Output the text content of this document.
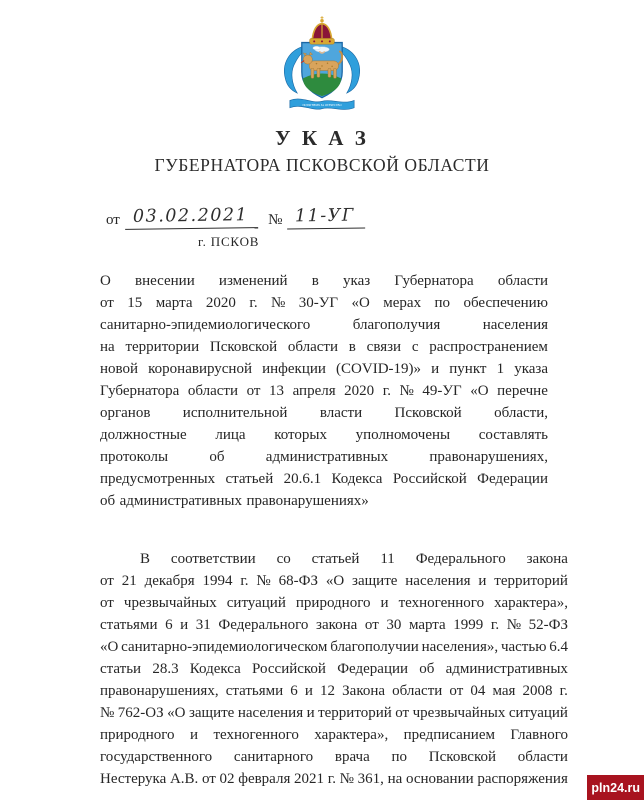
ПОТЯГНЕМЪ ЗА ОТЕЧЕСТВО
У К А З
ГУБЕРНАТОРА ПСКОВСКОЙ ОБЛАСТИ
от 03.02.2021	№ 11-УГ
г. ПСКОВ
О внесении изменений в указ Губернатора области
от 15 марта 2020 г. № 30-УГ «О мерах по обеспечению
санитарно-эпидемиологического	благополучия	населения
на территории Псковской области в связи с распространением
новой коронавирусной инфекции (COVID-19)» и пункт 1 указа
Губернатора области от 13 апреля 2020 г. № 49-УГ «О перечне
органов исполнительной власти Псковской области,
должностные лица которых уполномочены составлять
протоколы	об	административных	правонарушениях,
предусмотренных статьей 20.6.1 Кодекса Российской Федерации
об административных правонарушениях»
В соответствии со статьей 11 Федерального закона
от 21 декабря 1994 г. № 68-ФЗ «О защите населения и территорий
от чрезвычайных ситуаций природного и техногенного характера»,
статьями 6 и 31 Федерального закона от 30 марта 1999 г. № 52-ФЗ
«О санитарно-эпидемиологическом благополучии населения», частью 6.4
статьи 28.3 Кодекса Российской Федерации об административных
правонарушениях, статьями 6 и 12 Закона области от 04 мая 2008 г.
№ 762-ОЗ «О защите населения и территорий от чрезвычайных ситуаций
природного и техногенного характера», предписанием Главного
государственного санитарного врача по Псковской области
Нестерука А.В. от 02 февраля 2021 г. № 361, на основании распоряжения
pln24.ru
